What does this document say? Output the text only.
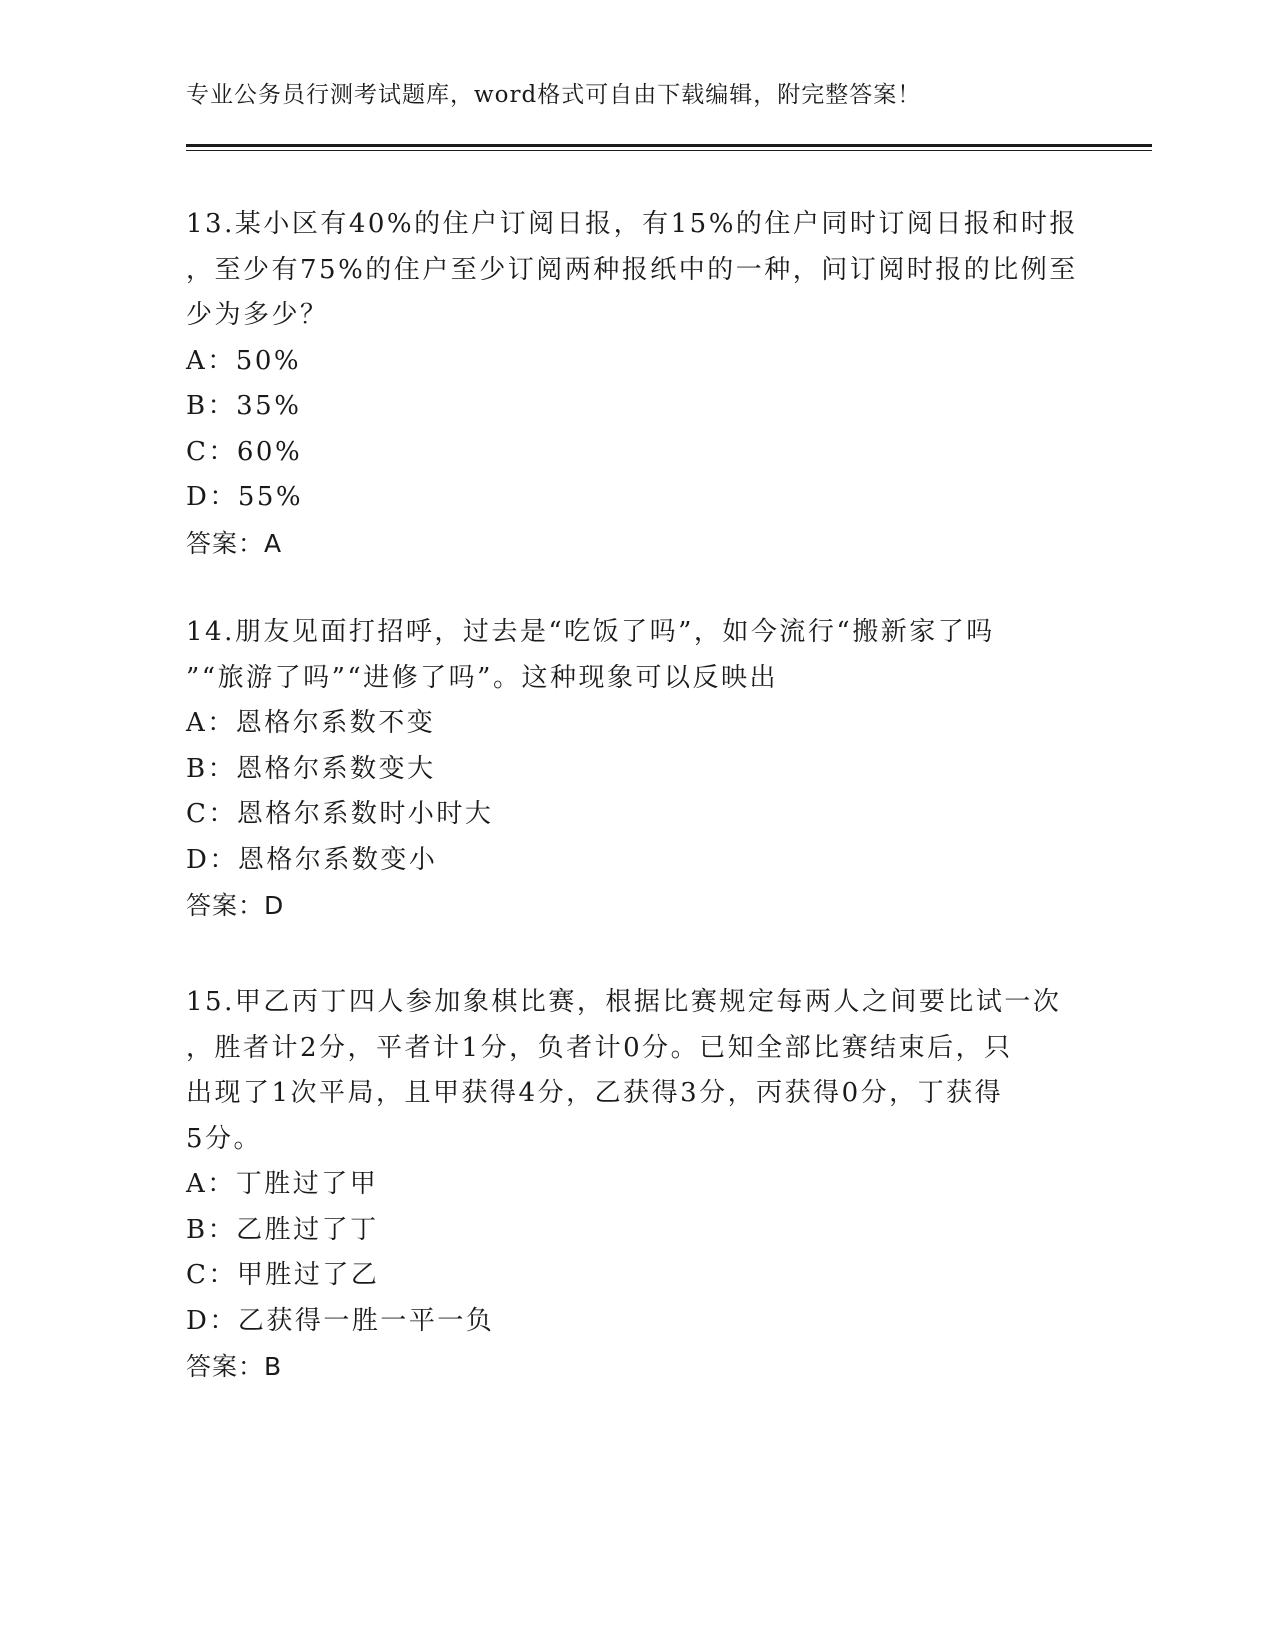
专业公务员行测考试题库，word格式可自由下载编辑，附完整答案！
13.某小区有40%的住户订阅日报，有15%的住户同时订阅日报和时报
，至少有75%的住户至少订阅两种报纸中的一种，问订阅时报的比例至
少为多少？
A：50%
B：35%
C：60%
D：55%
答案：A
14.朋友见面打招呼，过去是“吃饭了吗”，如今流行“搬新家了吗
”“旅游了吗”“进修了吗”。这种现象可以反映出
A：恩格尔系数不变
B：恩格尔系数变大
C：恩格尔系数时小时大
D：恩格尔系数变小
答案：D
15.甲乙丙丁四人参加象棋比赛，根据比赛规定每两人之间要比试一次
，胜者计2分，平者计1分，负者计0分。已知全部比赛结束后，只
出现了1次平局，且甲获得4分，乙获得3分，丙获得0分，丁获得
5分。
A：丁胜过了甲
B：乙胜过了丁
C：甲胜过了乙
D：乙获得一胜一平一负
答案：B
